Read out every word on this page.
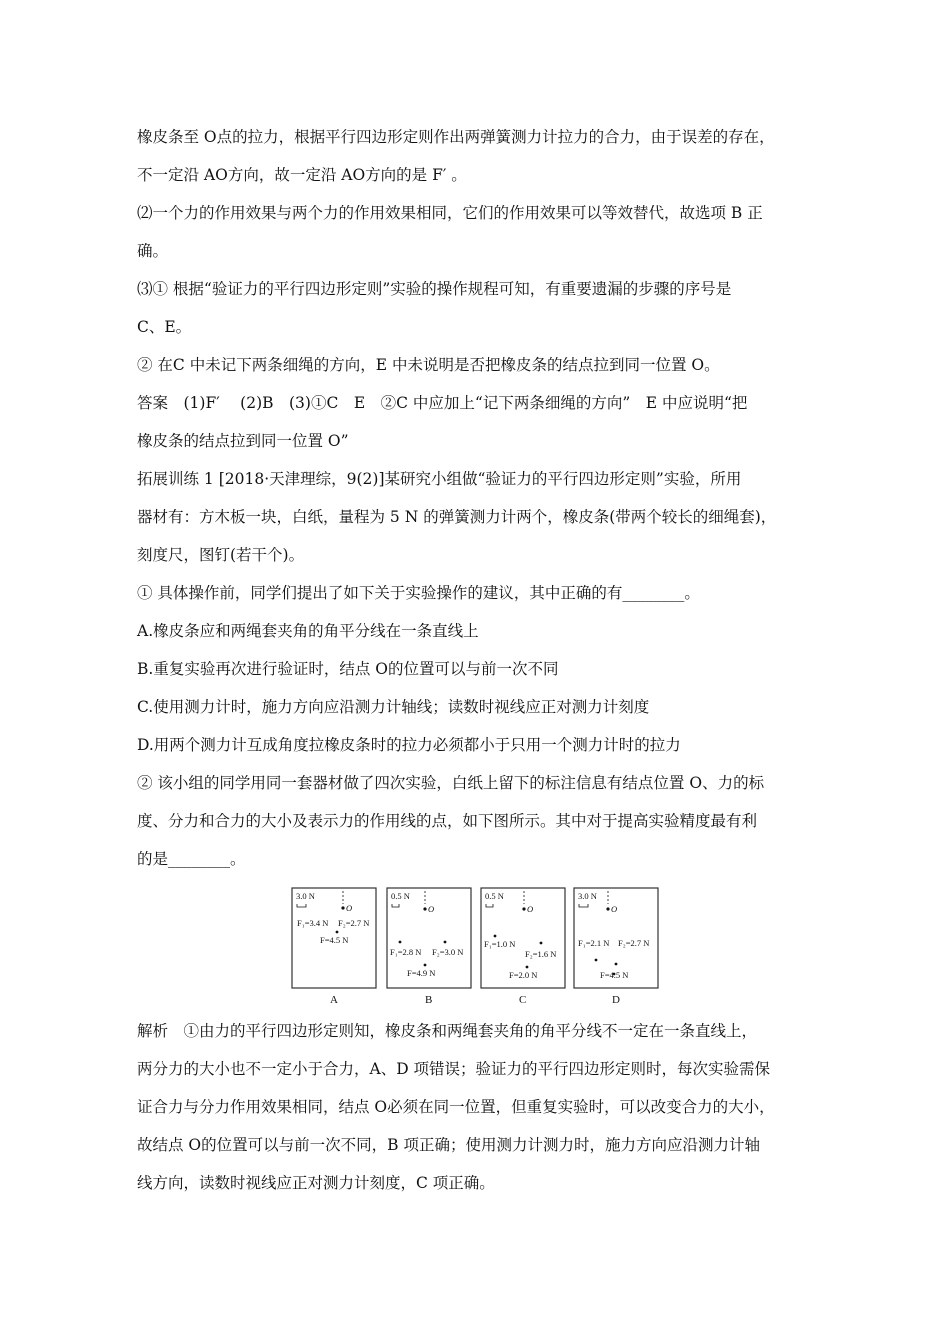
橡皮条至 O点的拉力，根据平行四边形定则作出两弹簧测力计拉力的合力，由于误差的存在，
不一定沿 AO方向，故一定沿 AO方向的是 F′ 。
⑵一个力的作用效果与两个力的作用效果相同，它们的作用效果可以等效替代，故选项 B 正
确。
⑶① 根据“验证力的平行四边形定则”实验的操作规程可知，有重要遗漏的步骤的序号是
C、E。
② 在C 中未记下两条细绳的方向，E 中未说明是否把橡皮条的结点拉到同一位置 O。
答案　(1)F′　 (2)B　(3)①C　E　②C 中应加上“记下两条细绳的方向”　E 中应说明“把
橡皮条的结点拉到同一位置 O”
拓展训练 1 [2018·天津理综，9(2)]某研究小组做“验证力的平行四边形定则”实验，所用
器材有：方木板一块，白纸，量程为 5 N 的弹簧测力计两个，橡皮条(带两个较长的细绳套)，
刻度尺，图钉(若干个)。
① 具体操作前，同学们提出了如下关于实验操作的建议，其中正确的有________。
A.橡皮条应和两绳套夹角的角平分线在一条直线上
B.重复实验再次进行验证时，结点 O的位置可以与前一次不同
C.使用测力计时，施力方向应沿测力计轴线；读数时视线应正对测力计刻度
D.用两个测力计互成角度拉橡皮条时的拉力必须都小于只用一个测力计时的拉力
② 该小组的同学用同一套器材做了四次实验，白纸上留下的标注信息有结点位置 O、力的标
度、分力和合力的大小及表示力的作用线的点，如下图所示。其中对于提高实验精度最有利
的是________。
3.0 N
O
F₁=3.4 N F₂=2.7 N
F=4.5 N
A
0.5 N
O
F₁=2.8 N F₂=3.0 N
F=4.9 N
B
0.5 N
O
F₁=1.0 N
F₂=1.6 N
F=2.0 N
C
3.0 N
O
F₁=2.1 N F₂=2.7 N
F=4.5 N
D
解析　①由力的平行四边形定则知，橡皮条和两绳套夹角的角平分线不一定在一条直线上，
两分力的大小也不一定小于合力，A、D 项错误；验证力的平行四边形定则时，每次实验需保
证合力与分力作用效果相同，结点 O必须在同一位置，但重复实验时，可以改变合力的大小，
故结点 O的位置可以与前一次不同，B 项正确；使用测力计测力时，施力方向应沿测力计轴
线方向，读数时视线应正对测力计刻度，C 项正确。
